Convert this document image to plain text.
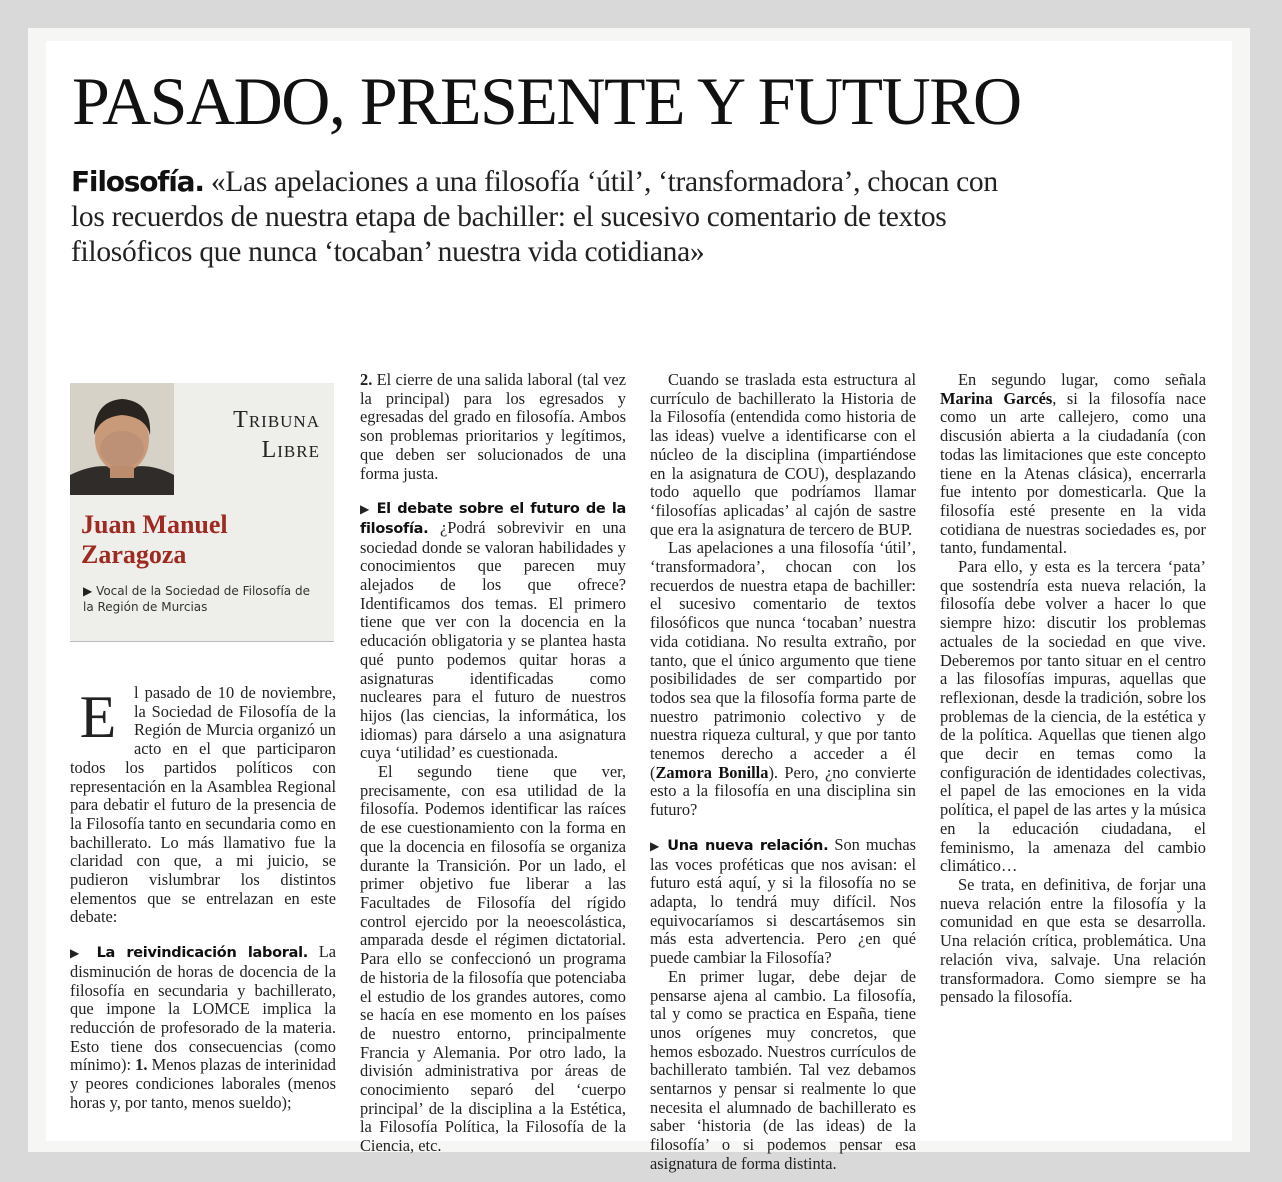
PASADO, PRESENTE Y FUTURO

Filosofía. «Las apelaciones a una filosofía ‘útil’, ‘transformadora’, chocan con los recuerdos de nuestra etapa de bachiller: el sucesivo comentario de textos filosóficos que nunca ‘tocaban’ nuestra vida cotidiana»

Tribuna
Libre
Juan Manuel
Zaragoza
▶ Vocal de la Sociedad de Filosofía de la Región de Murcias
E	l pasado de 10 de noviembre, la Sociedad de Filosofía de la Región de Murcia organizó un acto en el que participaron todos los partidos políticos con representación en la Asamblea Regional para debatir el futuro de la presencia de la Filosofía tanto en secundaria como en bachillerato. Lo más llamativo fue la claridad con que, a mi juicio, se pudieron vislumbrar los distintos elementos que se entrelazan en este debate:

▶ La reivindicación laboral. La disminución de horas de docencia de la filosofía en secundaria y bachillerato, que impone la LOMCE implica la reducción de profesorado de la materia. Esto tiene dos consecuencias (como mínimo): 1. Menos plazas de interinidad y peores condiciones laborales (menos horas y, por tanto, menos sueldo);

2. El cierre de una salida laboral (tal vez la principal) para los egresados y egresadas del grado en filosofía. Ambos son problemas prioritarios y legítimos, que deben ser solucionados de una forma justa.

▶ El debate sobre el futuro de la filosofía. ¿Podrá sobrevivir en una sociedad donde se valoran habilidades y conocimientos que parecen muy alejados de los que ofrece? Identificamos dos temas. El primero tiene que ver con la docencia en la educación obligatoria y se plantea hasta qué punto podemos quitar horas a asignaturas identificadas como nucleares para el futuro de nuestros hijos (las ciencias, la informática, los idiomas) para dárselo a una asignatura cuya ‘utilidad’ es cuestionada.

El segundo tiene que ver, precisamente, con esa utilidad de la filosofía. Podemos identificar las raíces de ese cuestionamiento con la forma en que la docencia en filosofía se organiza durante la Transición. Por un lado, el primer objetivo fue liberar a las Facultades de Filosofía del rígido control ejercido por la neoescolástica, amparada desde el régimen dictatorial. Para ello se confeccionó un programa de historia de la filosofía que potenciaba el estudio de los grandes autores, como se hacía en ese momento en los países de nuestro entorno, principalmente Francia y Alemania. Por otro lado, la división administrativa por áreas de conocimiento separó del ‘cuerpo principal’ de la disciplina a la Estética, la Filosofía Política, la Filosofía de la Ciencia, etc.

Cuando se traslada esta estructura al currículo de bachillerato la Historia de la Filosofía (entendida como historia de las ideas) vuelve a identificarse con el núcleo de la disciplina (impartiéndose en la asignatura de COU), desplazando todo aquello que podríamos llamar ‘filosofías aplicadas’ al cajón de sastre que era la asignatura de tercero de BUP.

Las apelaciones a una filosofía ‘útil’, ‘transformadora’, chocan con los recuerdos de nuestra etapa de bachiller: el sucesivo comentario de textos filosóficos que nunca ‘tocaban’ nuestra vida cotidiana. No resulta extraño, por tanto, que el único argumento que tiene posibilidades de ser compartido por todos sea que la filosofía forma parte de nuestro patrimonio colectivo y de nuestra riqueza cultural, y que por tanto tenemos derecho a acceder a él (Zamora Bonilla). Pero, ¿no convierte esto a la filosofía en una disciplina sin futuro?

▶ Una nueva relación. Son muchas las voces proféticas que nos avisan: el futuro está aquí, y si la filosofía no se adapta, lo tendrá muy difícil. Nos equivocaríamos si descartásemos sin más esta advertencia. Pero ¿en qué puede cambiar la Filosofía?

En primer lugar, debe dejar de pensarse ajena al cambio. La filosofía, tal y como se practica en España, tiene unos orígenes muy concretos, que hemos esbozado. Nuestros currículos de bachillerato también. Tal vez debamos sentarnos y pensar si realmente lo que necesita el alumnado de bachillerato es saber ‘historia (de las ideas) de la filosofía’ o si podemos pensar esa asignatura de forma distinta.

En segundo lugar, como señala Marina Garcés, si la filosofía nace como un arte callejero, como una discusión abierta a la ciudadanía (con todas las limitaciones que este concepto tiene en la Atenas clásica), encerrarla fue intento por domesticarla. Que la filosofía esté presente en la vida cotidiana de nuestras sociedades es, por tanto, fundamental.

Para ello, y esta es la tercera ‘pata’ que sostendría esta nueva relación, la filosofía debe volver a hacer lo que siempre hizo: discutir los problemas actuales de la sociedad en que vive. Deberemos por tanto situar en el centro a las filosofías impuras, aquellas que reflexionan, desde la tradición, sobre los problemas de la ciencia, de la estética y de la política. Aquellas que tienen algo que decir en temas como la configuración de identidades colectivas, el papel de las emociones en la vida política, el papel de las artes y la música en la educación ciudadana, el feminismo, la amenaza del cambio climático…

Se trata, en definitiva, de forjar una nueva relación entre la filosofía y la comunidad en que esta se desarrolla. Una relación crítica, problemática. Una relación viva, salvaje. Una relación transformadora. Como siempre se ha pensado la filosofía.
